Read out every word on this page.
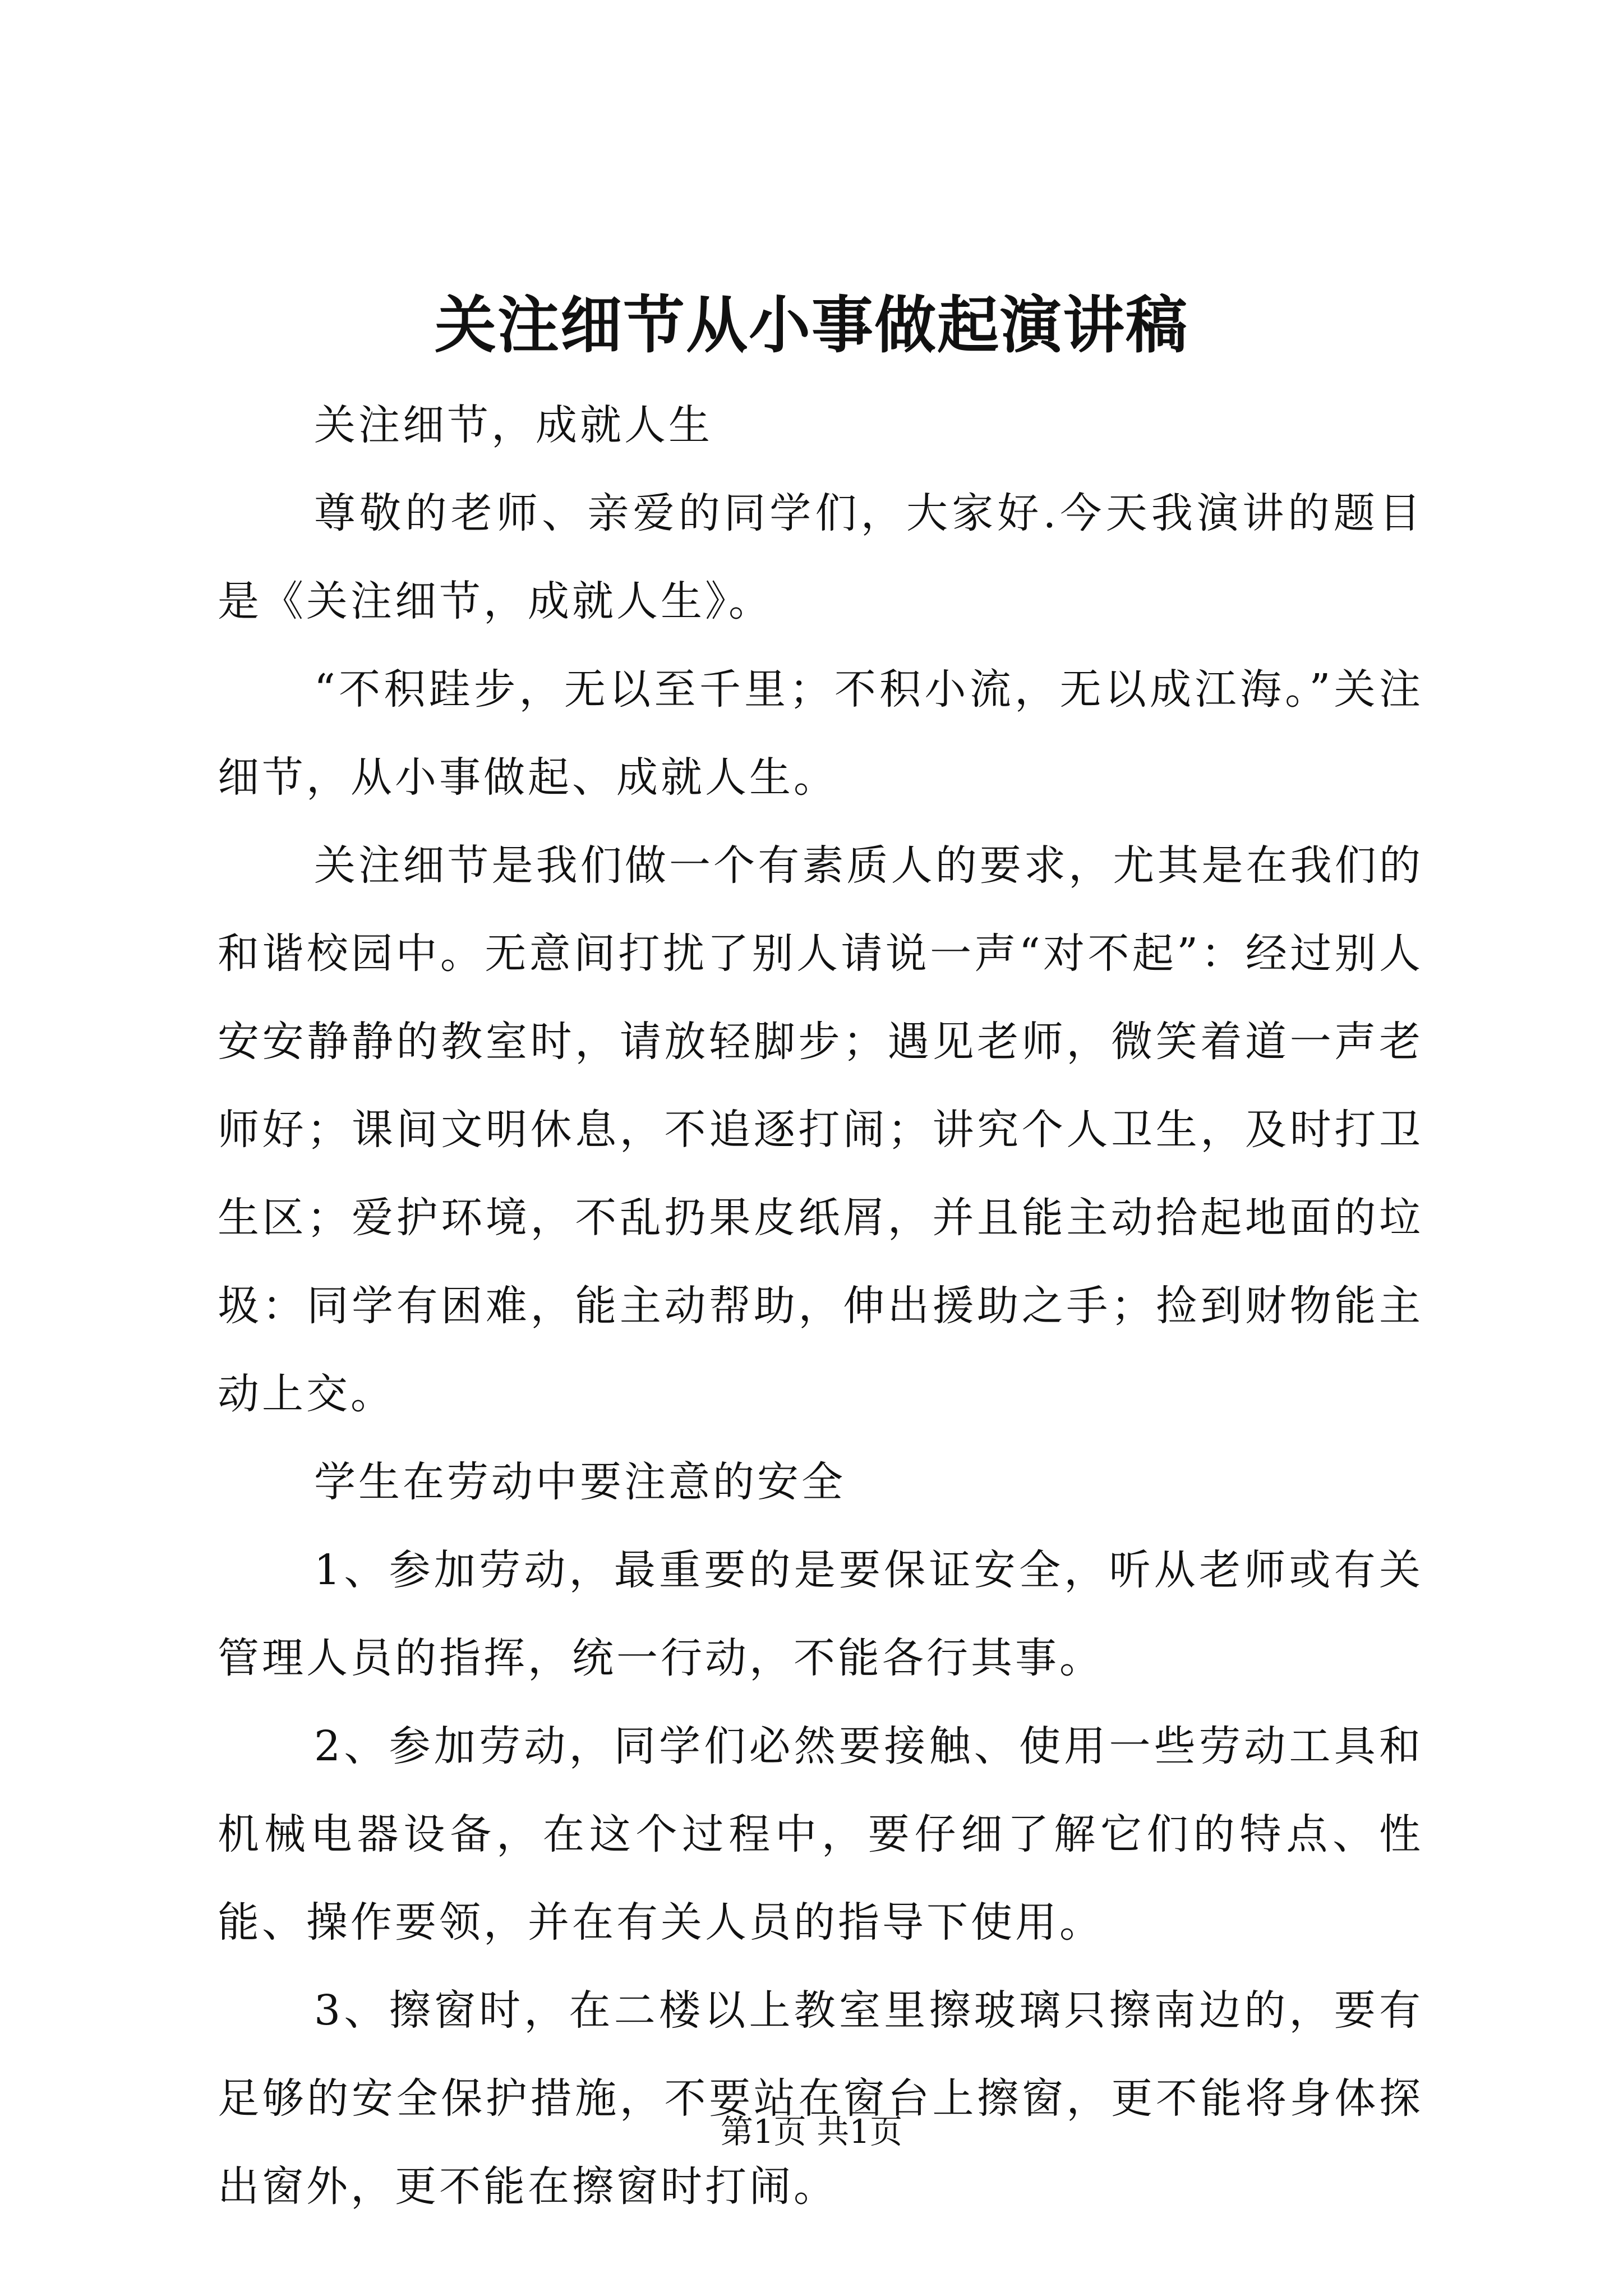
关注细节从小事做起演讲稿

关注细节，成就人生

尊敬的老师、亲爱的同学们，大家好.今天我演讲的题目是《关注细节，成就人生》。

“不积跬步，无以至千里；不积小流，无以成江海。”关注细节，从小事做起、成就人生。

关注细节是我们做一个有素质人的要求，尤其是在我们的和谐校园中。无意间打扰了别人请说一声“对不起”：经过别人安安静静的教室时，请放轻脚步；遇见老师，微笑着道一声老师好；课间文明休息，不追逐打闹；讲究个人卫生，及时打卫生区；爱护环境，不乱扔果皮纸屑，并且能主动拾起地面的垃圾：同学有困难，能主动帮助，伸出援助之手；捡到财物能主动上交。

学生在劳动中要注意的安全

1、参加劳动，最重要的是要保证安全，听从老师或有关管理人员的指挥，统一行动，不能各行其事。

2、参加劳动，同学们必然要接触、使用一些劳动工具和机械电器设备，在这个过程中，要仔细了解它们的特点、性能、操作要领，并在有关人员的指导下使用。

3、擦窗时，在二楼以上教室里擦玻璃只擦南边的，要有足够的安全保护措施，不要站在窗台上擦窗，更不能将身体探出窗外，更不能在擦窗时打闹。

第1页 共1页
